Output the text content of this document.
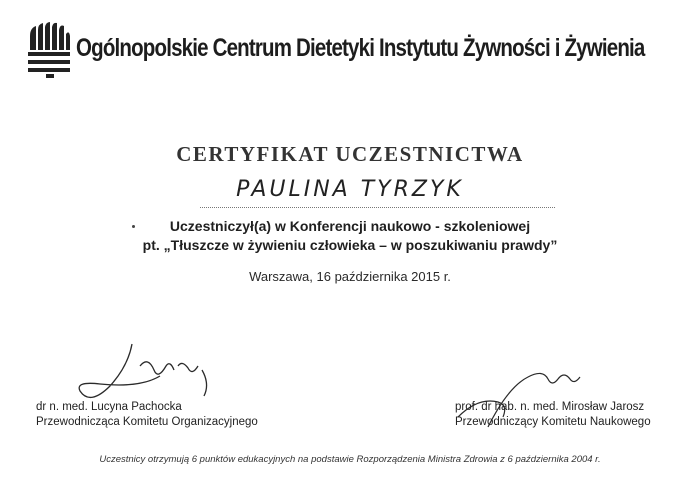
Ogólnopolskie Centrum Dietetyki Instytutu Żywności i Żywienia
CERTYFIKAT UCZESTNICTWA
PAULINA TYRZYK
Uczestniczył(a) w Konferencji naukowo - szkoleniowej
pt. „Tłuszcze w żywieniu człowieka – w poszukiwaniu prawdy”
Warszawa, 16 października 2015 r.
dr n. med. Lucyna Pachocka
Przewodnicząca Komitetu Organizacyjnego
prof. dr hab. n. med. Mirosław Jarosz
Przewodniczący Komitetu Naukowego
Uczestnicy otrzymują 6 punktów edukacyjnych na podstawie Rozporządzenia Ministra Zdrowia z 6 października 2004 r.
